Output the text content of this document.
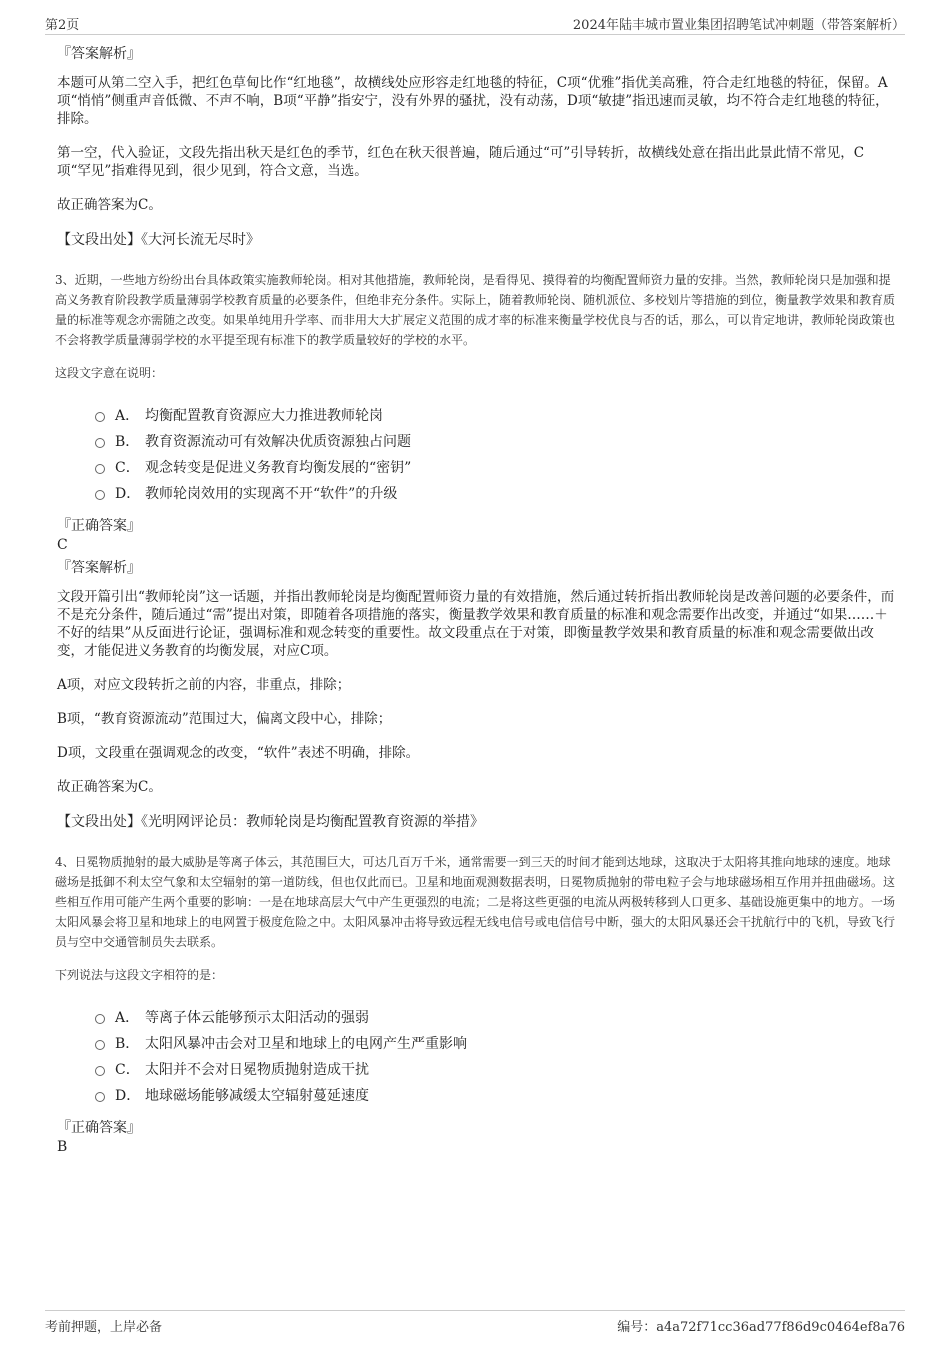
第2页	2024年陆丰城市置业集团招聘笔试冲刺题（带答案解析）
『答案解析』

本题可从第二空入手，把红色草甸比作“红地毯”，故横线处应形容走红地毯的特征，C项“优雅”指优美高雅，符合走红地毯的特征，保留。A项“悄悄”侧重声音低微、不声不响，B项“平静”指安宁，没有外界的骚扰，没有动荡，D项“敏捷”指迅速而灵敏，均不符合走红地毯的特征，排除。

第一空，代入验证，文段先指出秋天是红色的季节，红色在秋天很普遍，随后通过“可”引导转折，故横线处意在指出此景此情不常见，C项“罕见”指难得见到，很少见到，符合文意，当选。

故正确答案为C。

【文段出处】《大河长流无尽时》
3、近期，一些地方纷纷出台具体政策实施教师轮岗。相对其他措施，教师轮岗，是看得见、摸得着的均衡配置师资力量的安排。当然，教师轮岗只是加强和提高义务教育阶段教学质量薄弱学校教育质量的必要条件，但绝非充分条件。实际上，随着教师轮岗、随机派位、多校划片等措施的到位，衡量教学效果和教育质量的标准等观念亦需随之改变。如果单纯用升学率、而非用大大扩展定义范围的成才率的标准来衡量学校优良与否的话，那么，可以肯定地讲，教师轮岗政策也不会将教学质量薄弱学校的水平提至现有标准下的教学质量较好的学校的水平。
这段文字意在说明：
A． 均衡配置教育资源应大力推进教师轮岗
B． 教育资源流动可有效解决优质资源独占问题
C． 观念转变是促进义务教育均衡发展的“密钥”
D． 教师轮岗效用的实现离不开“软件”的升级
『正确答案』
C
『答案解析』

文段开篇引出“教师轮岗”这一话题，并指出教师轮岗是均衡配置师资力量的有效措施，然后通过转折指出教师轮岗是改善问题的必要条件，而不是充分条件，随后通过“需”提出对策，即随着各项措施的落实，衡量教学效果和教育质量的标准和观念需要作出改变，并通过“如果……＋不好的结果”从反面进行论证，强调标准和观念转变的重要性。故文段重点在于对策，即衡量教学效果和教育质量的标准和观念需要做出改变，才能促进义务教育的均衡发展，对应C项。

A项，对应文段转折之前的内容，非重点，排除；

B项，“教育资源流动”范围过大，偏离文段中心，排除；

D项，文段重在强调观念的改变，“软件”表述不明确，排除。

故正确答案为C。

【文段出处】《光明网评论员：教师轮岗是均衡配置教育资源的举措》
4、日冕物质抛射的最大威胁是等离子体云，其范围巨大，可达几百万千米，通常需要一到三天的时间才能到达地球，这取决于太阳将其推向地球的速度。地球磁场是抵御不利太空气象和太空辐射的第一道防线，但也仅此而已。卫星和地面观测数据表明，日冕物质抛射的带电粒子会与地球磁场相互作用并扭曲磁场。这些相互作用可能产生两个重要的影响：一是在地球高层大气中产生更强烈的电流；二是将这些更强的电流从两极转移到人口更多、基础设施更集中的地方。一场太阳风暴会将卫星和地球上的电网置于极度危险之中。太阳风暴冲击将导致远程无线电信号或电信信号中断，强大的太阳风暴还会干扰航行中的飞机，导致飞行员与空中交通管制员失去联系。
下列说法与这段文字相符的是：
A． 等离子体云能够预示太阳活动的强弱
B． 太阳风暴冲击会对卫星和地球上的电网产生严重影响
C． 太阳并不会对日冕物质抛射造成干扰
D． 地球磁场能够减缓太空辐射蔓延速度
『正确答案』
B
考前押题，上岸必备	编号：a4a72f71cc36ad77f86d9c0464ef8a76
